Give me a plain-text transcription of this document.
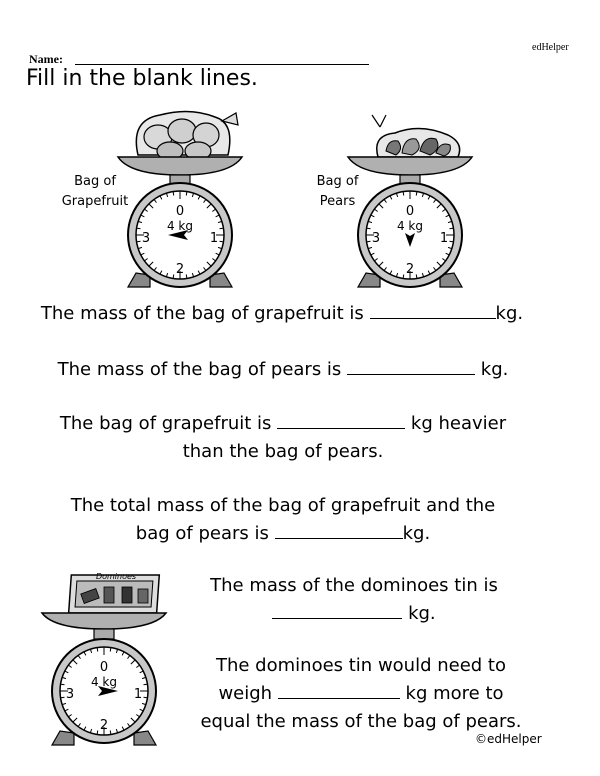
Name:
edHelper
Fill in the blank lines.
Bag of
Grapefruit
0
1
2
3
4 kg
Bag of
Pears
0
1
2
3
4 kg
The mass of the bag of grapefruit is	kg.
The mass of the bag of pears is	kg.
The bag of grapefruit is	kg heavier
than the bag of pears.
The total mass of the bag of grapefruit and the
bag of pears is	kg.
Dominoes
0
1
2
3
4 kg
The mass of the dominoes tin is
kg.
The dominoes tin would need to
weigh	kg more to
equal the mass of the bag of pears.
©edHelper
